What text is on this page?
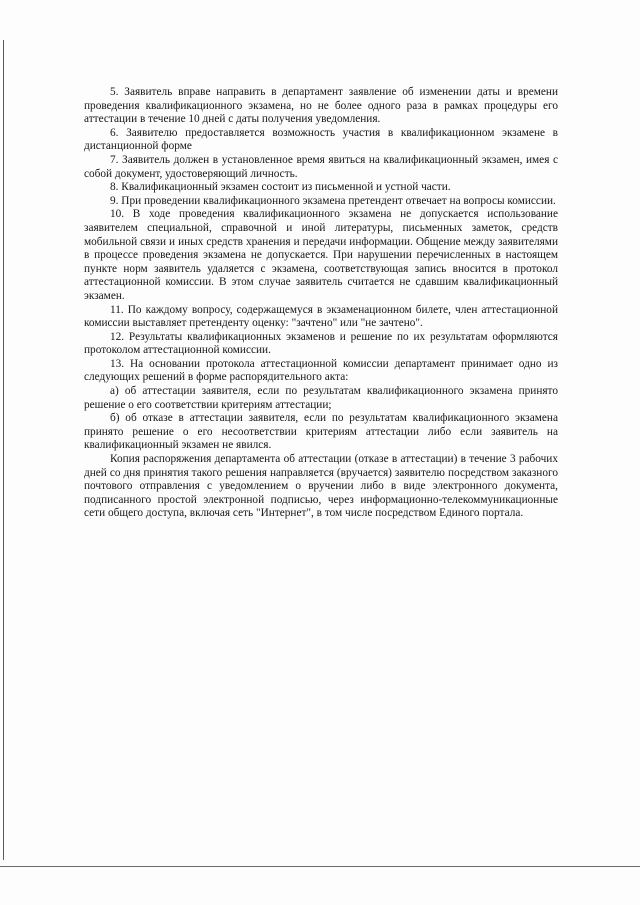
5. Заявитель вправе направить в департамент заявление об изменении даты и времени проведения квалификационного экзамена, но не более одного раза в рамках процедуры его аттестации в течение 10 дней с даты получения уведомления.

6. Заявителю предоставляется возможность участия в квалификационном экзамене в дистанционной форме

7. Заявитель должен в установленное время явиться на квалификационный экзамен, имея с собой документ, удостоверяющий личность.

8. Квалификационный экзамен состоит из письменной и устной части.

9. При проведении квалификационного экзамена претендент отвечает на вопросы комиссии.

10. В ходе проведения квалификационного экзамена не допускается использование заявителем специальной, справочной и иной литературы, письменных заметок, средств мобильной связи и иных средств хранения и передачи информации. Общение между заявителями в процессе проведения экзамена не допускается. При нарушении перечисленных в настоящем пункте норм заявитель удаляется с экзамена, соответствующая запись вносится в протокол аттестационной комиссии. В этом случае заявитель считается не сдавшим квалификационный экзамен.

11. По каждому вопросу, содержащемуся в экзаменационном билете, член аттестационной комиссии выставляет претенденту оценку: "зачтено" или "не зачтено".

12. Результаты квалификационных экзаменов и решение по их результатам оформляются протоколом аттестационной комиссии.

13. На основании протокола аттестационной комиссии департамент принимает одно из следующих решений в форме распорядительного акта:

а) об аттестации заявителя, если по результатам квалификационного экзамена принято решение о его соответствии критериям аттестации;

б) об отказе в аттестации заявителя, если по результатам квалификационного экзамена принято решение о его несоответствии критериям аттестации либо если заявитель на квалификационный экзамен не явился.

Копия распоряжения департамента об аттестации (отказе в аттестации) в течение 3 рабочих дней со дня принятия такого решения направляется (вручается) заявителю посредством заказного почтового отправления с уведомлением о вручении либо в виде электронного документа, подписанного простой электронной подписью, через информационно-телекоммуникационные сети общего доступа, включая сеть "Интернет", в том числе посредством Единого портала.
